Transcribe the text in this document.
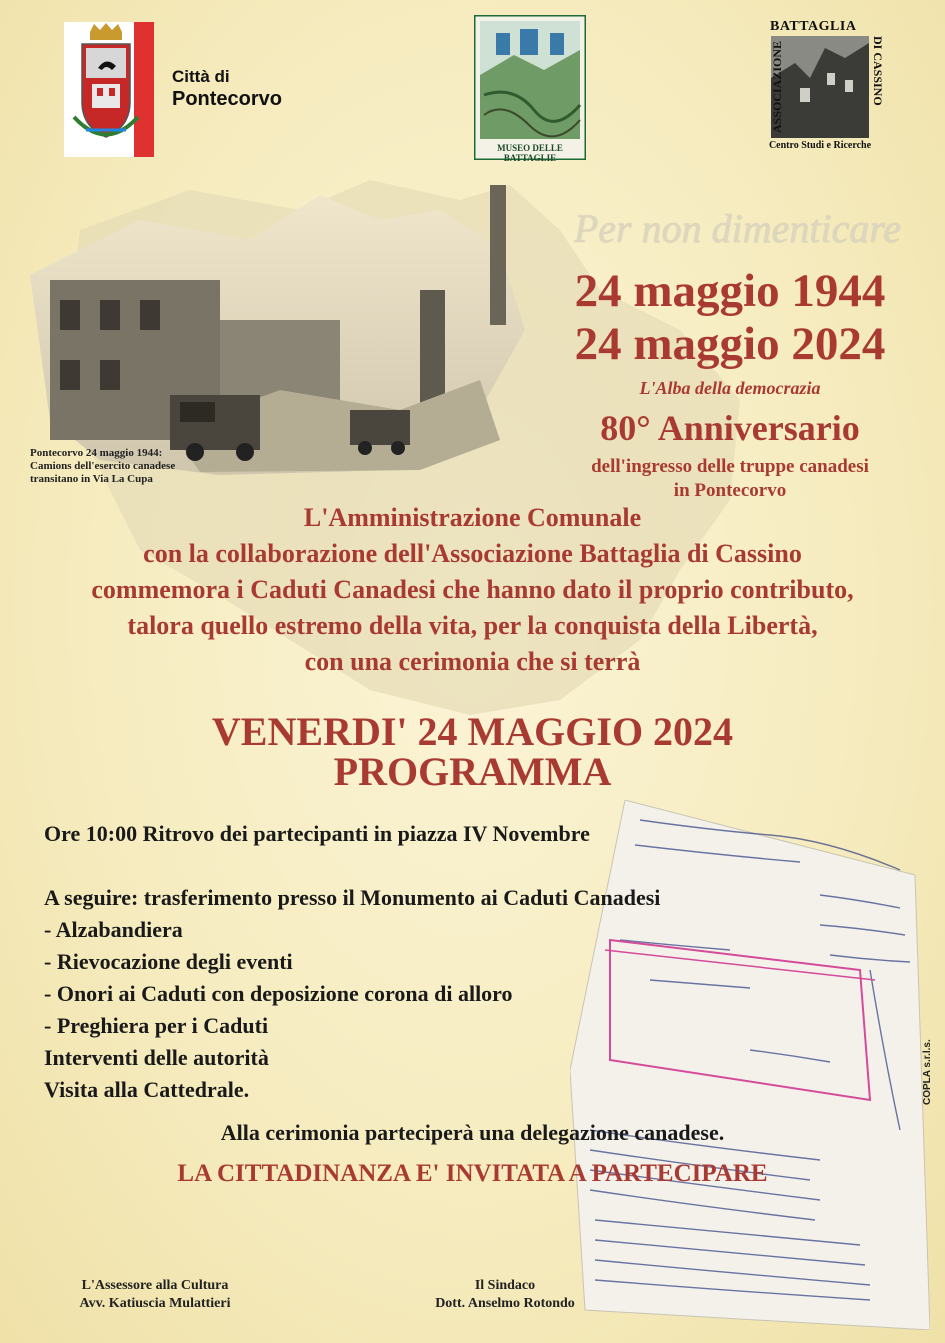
Pontecorvo 24 maggio 1944:
Camions dell'esercito canadese
transitano in Via La Cupa
Città di
Pontecorvo
MUSEO DELLE BATTAGLIE
BATTAGLIA
ASSOCIAZIONE	DI CASSINO
Centro Studi e Ricerche
Per non dimenticare
24 maggio 1944
24 maggio 2024
L'Alba della democrazia
80° Anniversario
dell'ingresso delle truppe canadesi
in Pontecorvo
L'Amministrazione Comunale
con la collaborazione dell'Associazione Battaglia di Cassino
commemora i Caduti Canadesi che hanno dato il proprio contributo,
talora quello estremo della vita, per la conquista della Libertà,
con una cerimonia che si terrà
VENERDI' 24 MAGGIO 2024
PROGRAMMA
Ore 10:00 Ritrovo dei partecipanti in piazza IV Novembre
A seguire: trasferimento presso il Monumento ai Caduti Canadesi
- Alzabandiera
- Rievocazione degli eventi
- Onori ai Caduti con deposizione corona di alloro
- Preghiera per i Caduti
Interventi delle autorità
Visita alla Cattedrale.
Alla cerimonia parteciperà una delegazione canadese.
LA CITTADINANZA E' INVITATA A PARTECIPARE
L'Assessore alla Cultura
Avv. Katiuscia Mulattieri
Il Sindaco
Dott. Anselmo Rotondo
COPLA s.r.l.s.
